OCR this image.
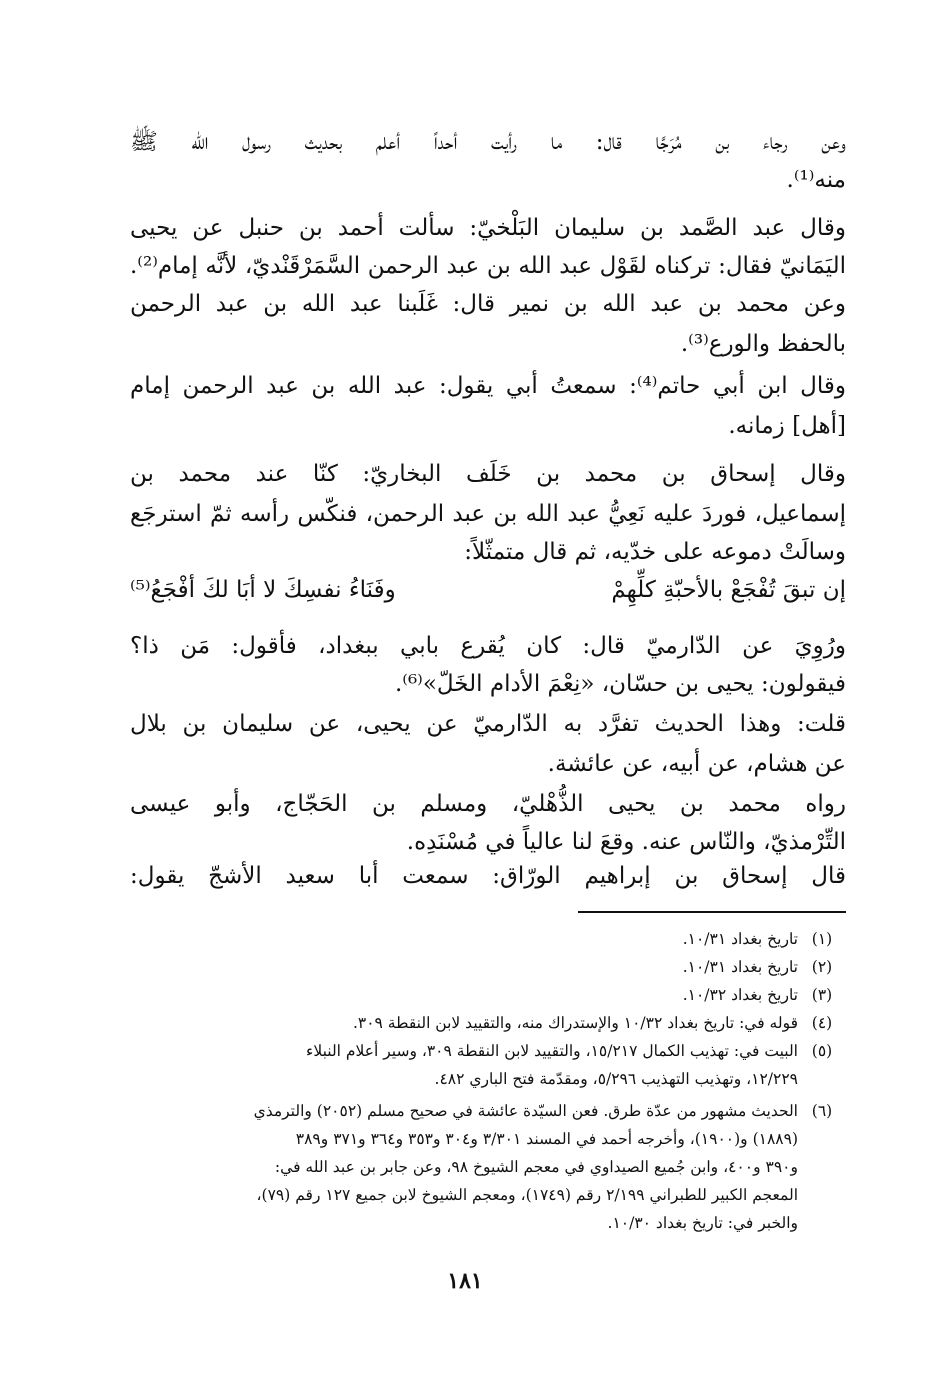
وعن رجاء بن مُرَجَّا قال: ما رأيت أحداً أعلم بحديث رسول الله ﷺ
منه⁽¹⁾.
وقال عبد الصَّمد بن سليمان البَلْخيّ: سألت أحمد بن حنبل عن يحيى
اليَمَانيّ فقال: تركناه لقَوْل عبد الله بن عبد الرحمن السَّمَرْقَنْديّ، لأنَّه إمام⁽²⁾.
وعن محمد بن عبد الله بن نمير قال: غَلَبنا عبد الله بن عبد الرحمن
بالحفظ والورع⁽³⁾.
وقال ابن أبي حاتم⁽⁴⁾: سمعتُ أبي يقول: عبد الله بن عبد الرحمن إمام
[أهل] زمانه.
وقال إسحاق بن محمد بن خَلَف البخاريّ: كنّا عند محمد بن
إسماعيل، فوردَ عليه نَعِيُّ عبد الله بن عبد الرحمن، فنكّس رأسه ثمّ استرجَع
وسالَتْ دموعه على خدّيه، ثم قال متمثّلاً:
إن تبقَ تُفْجَعْ بالأحبّةِ كلِّهِمْ
وفَنَاءُ نفسِكَ لا أبَا لكَ أفْجَعُ⁽⁵⁾
ورُوِيَ عن الدّارميّ قال: كان يُقرع بابي ببغداد، فأقول: مَن ذا؟
فيقولون: يحيى بن حسّان، «نِعْمَ الأدام الخَلّ»⁽⁶⁾.
قلت: وهذا الحديث تفرَّد به الدّارميّ عن يحيى، عن سليمان بن بلال
عن هشام، عن أبيه، عن عائشة.
رواه محمد بن يحيى الذُّهْليّ، ومسلم بن الحَجّاج، وأبو عيسى
التِّرْمذيّ، والنّاس عنه. وقعَ لنا عالياً في مُسْنَدِه.
قال إسحاق بن إبراهيم الورّاق: سمعت أبا سعيد الأشجّ يقول:
(١)
تاريخ بغداد ١٠/٣١.
(٢)
تاريخ بغداد ١٠/٣١.
(٣)
تاريخ بغداد ١٠/٣٢.
(٤)
قوله في: تاريخ بغداد ١٠/٣٢ والإستدراك منه، والتقييد لابن النقطة ٣٠٩.
(٥)
البيت في: تهذيب الكمال ١٥/٢١٧، والتقييد لابن النقطة ٣٠٩، وسير أعلام النبلاء
١٢/٢٢٩، وتهذيب التهذيب ٥/٢٩٦، ومقدّمة فتح الباري ٤٨٢.
(٦)
الحديث مشهور من عدّة طرق. فعن السيّدة عائشة في صحيح مسلم (٢٠٥٢) والترمذي
(١٨٨٩) و(١٩٠٠)، وأخرجه أحمد في المسند ٣/٣٠١ و٣٠٤ و٣٥٣ و٣٦٤ و٣٧١ و٣٨٩
و٣٩٠ و٤٠٠، وابن جُميع الصيداوي في معجم الشيوخ ٩٨، وعن جابر بن عبد الله في:
المعجم الكبير للطبراني ٢/١٩٩ رقم (١٧٤٩)، ومعجم الشيوخ لابن جميع ١٢٧ رقم (٧٩)،
والخبر في: تاريخ بغداد ١٠/٣٠.
١٨١
